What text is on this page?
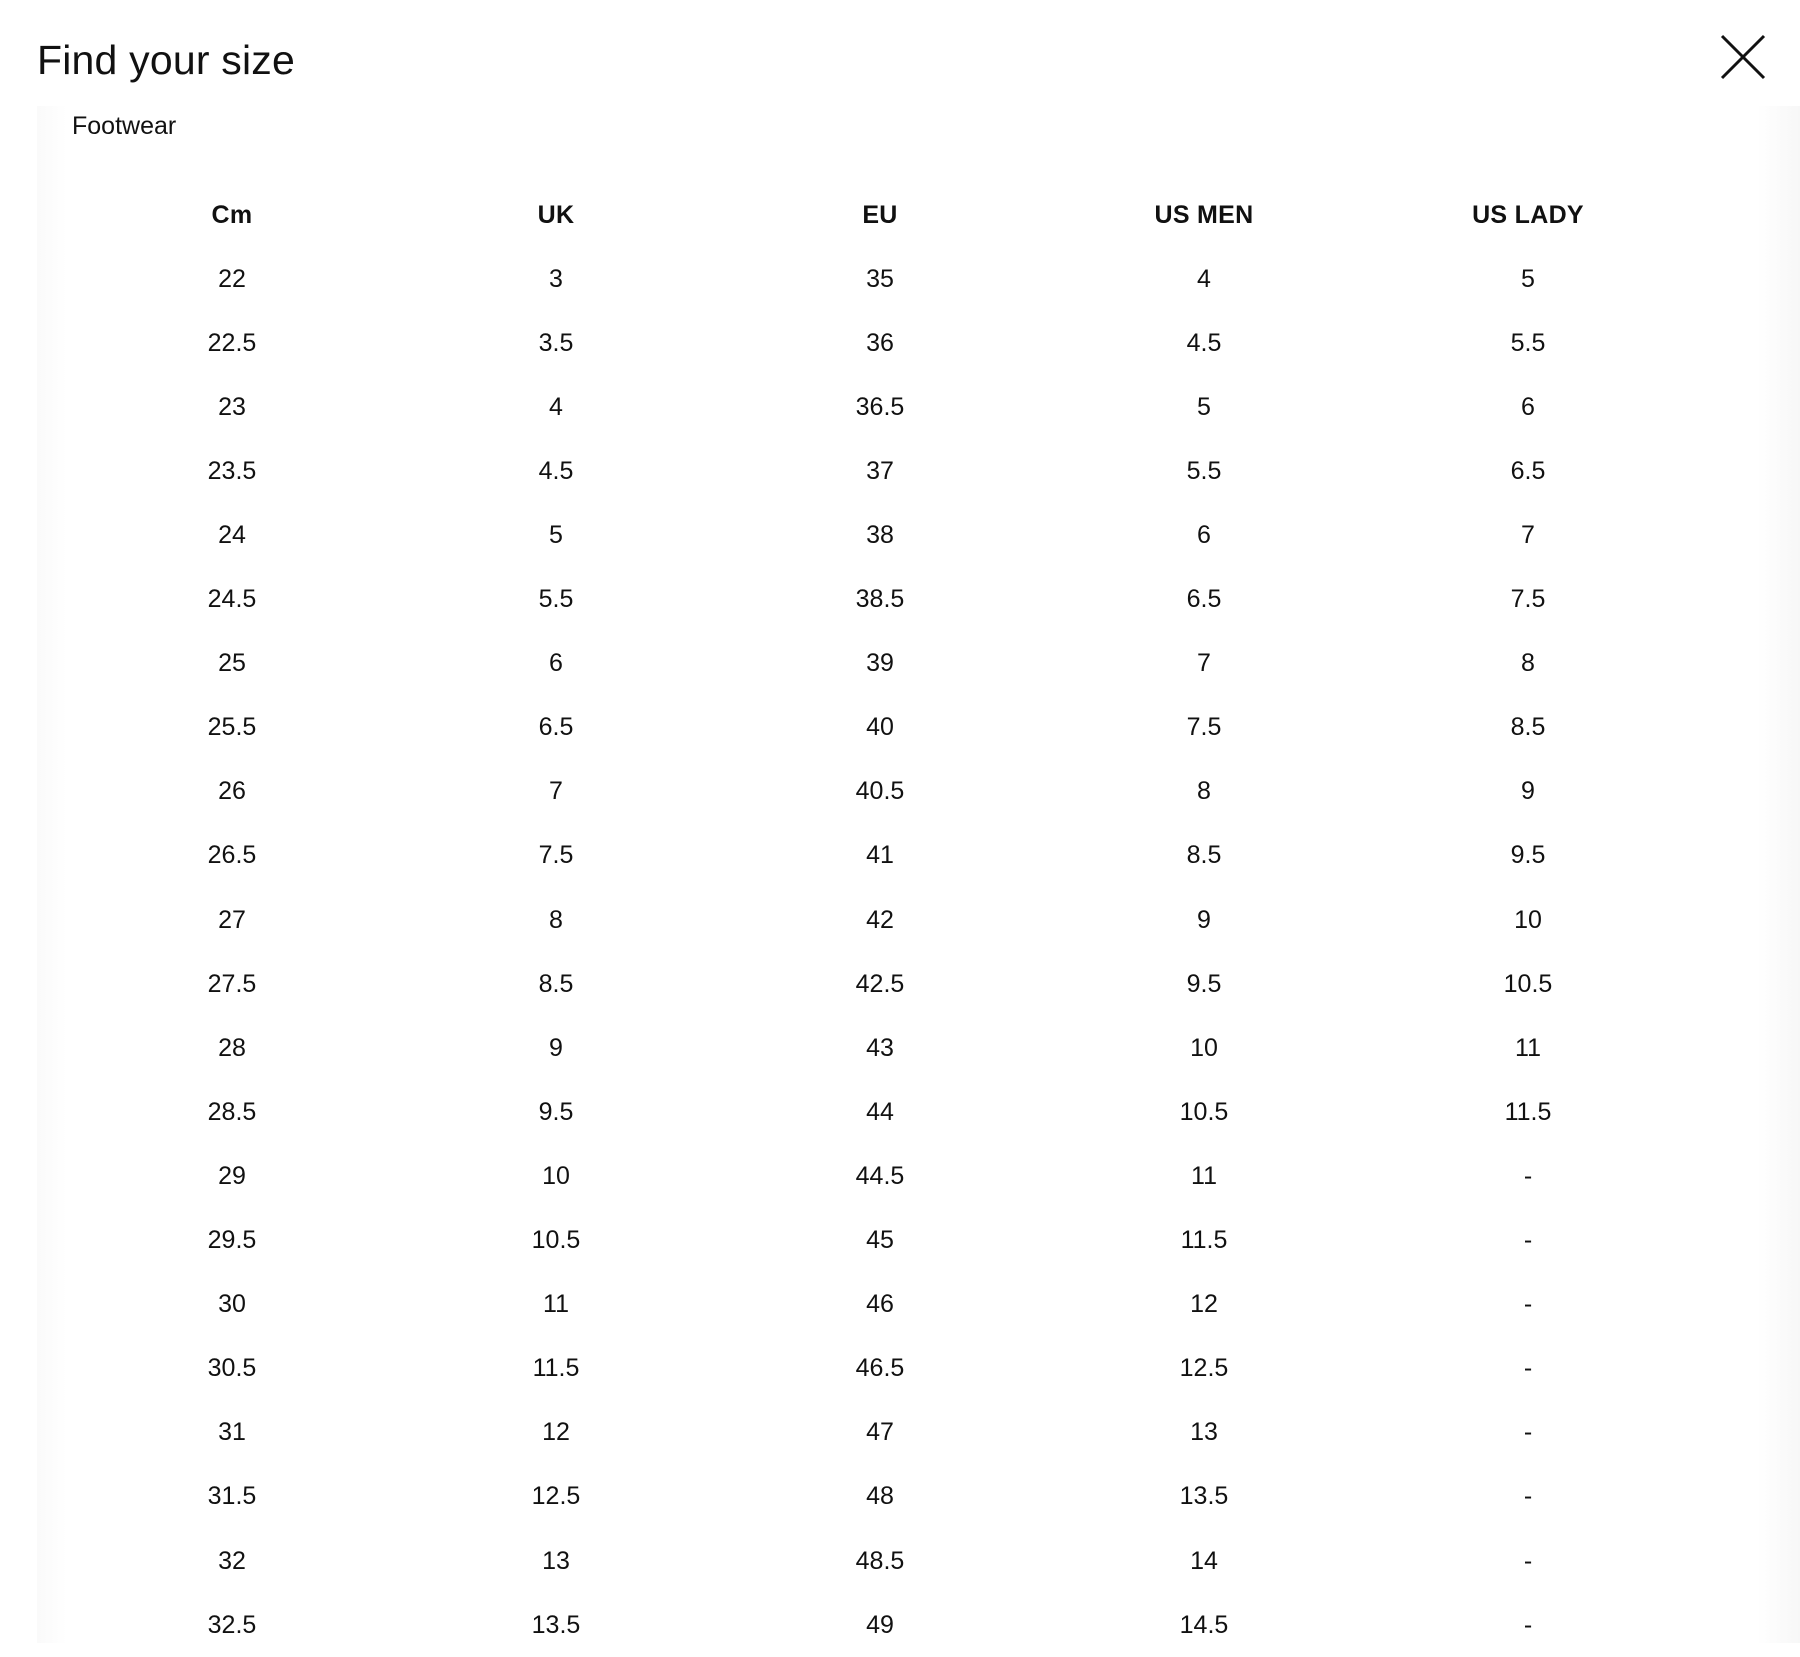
Find your size
Footwear
Cm	UK	EU	US MEN	US LADY
22	3	35	4	5
22.5	3.5	36	4.5	5.5
23	4	36.5	5	6
23.5	4.5	37	5.5	6.5
24	5	38	6	7
24.5	5.5	38.5	6.5	7.5
25	6	39	7	8
25.5	6.5	40	7.5	8.5
26	7	40.5	8	9
26.5	7.5	41	8.5	9.5
27	8	42	9	10
27.5	8.5	42.5	9.5	10.5
28	9	43	10	11
28.5	9.5	44	10.5	11.5
29	10	44.5	11	-
29.5	10.5	45	11.5	-
30	11	46	12	-
30.5	11.5	46.5	12.5	-
31	12	47	13	-
31.5	12.5	48	13.5	-
32	13	48.5	14	-
32.5	13.5	49	14.5	-
